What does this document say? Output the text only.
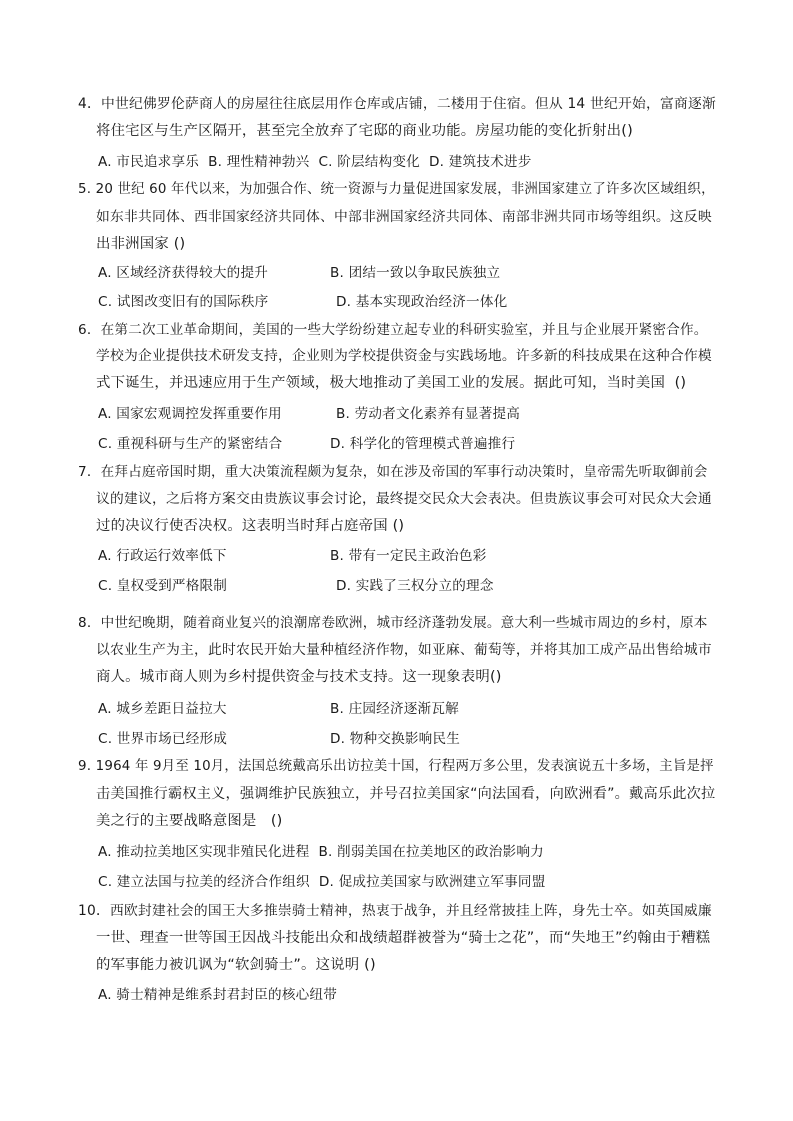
4．中世纪佛罗伦萨商人的房屋往往底层用作仓库或店铺，二楼用于住宿。但从 14 世纪开始，富商逐渐
将住宅区与生产区隔开，甚至完全放弃了宅邸的商业功能。房屋功能的变化折射出()
A. 市民追求享乐  B. 理性精神勃兴  C. 阶层结构变化  D. 建筑技术进步
5. 20 世纪 60 年代以来，为加强合作、统一资源与力量促进国家发展，非洲国家建立了许多次区域组织，
如东非共同体、西非国家经济共同体、中部非洲国家经济共同体、南部非洲共同市场等组织。这反映
出非洲国家 ()
A. 区域经济获得较大的提升	B. 团结一致以争取民族独立
C. 试图改变旧有的国际秩序	D. 基本实现政治经济一体化
6．在第二次工业革命期间，美国的一些大学纷纷建立起专业的科研实验室，并且与企业展开紧密合作。
学校为企业提供技术研发支持，企业则为学校提供资金与实践场地。许多新的科技成果在这种合作模
式下诞生，并迅速应用于生产领域，极大地推动了美国工业的发展。据此可知，当时美国  ()
A. 国家宏观调控发挥重要作用	B. 劳动者文化素养有显著提高
C. 重视科研与生产的紧密结合	D. 科学化的管理模式普遍推行
7．在拜占庭帝国时期，重大决策流程颇为复杂，如在涉及帝国的军事行动决策时，皇帝需先听取御前会
议的建议，之后将方案交由贵族议事会讨论，最终提交民众大会表决。但贵族议事会可对民众大会通
过的决议行使否决权。这表明当时拜占庭帝国 ()
A. 行政运行效率低下	B. 带有一定民主政治色彩
C. 皇权受到严格限制	D. 实践了三权分立的理念
8．中世纪晚期，随着商业复兴的浪潮席卷欧洲，城市经济蓬勃发展。意大利一些城市周边的乡村，原本
以农业生产为主，此时农民开始大量种植经济作物，如亚麻、葡萄等，并将其加工成产品出售给城市
商人。城市商人则为乡村提供资金与技术支持。这一现象表明()
A. 城乡差距日益拉大	B. 庄园经济逐渐瓦解
C. 世界市场已经形成	D. 物种交换影响民生
9. 1964 年 9月至 10月，法国总统戴高乐出访拉美十国，行程两万多公里，发表演说五十多场，主旨是抨
击美国推行霸权主义，强调维护民族独立，并号召拉美国家“向法国看，向欧洲看”。戴高乐此次拉
美之行的主要战略意图是   ()
A. 推动拉美地区实现非殖民化进程  B. 削弱美国在拉美地区的政治影响力
C. 建立法国与拉美的经济合作组织  D. 促成拉美国家与欧洲建立军事同盟
10．西欧封建社会的国王大多推崇骑士精神，热衷于战争，并且经常披挂上阵，身先士卒。如英国威廉
一世、理查一世等国王因战斗技能出众和战绩超群被誉为“骑士之花”，而“失地王”约翰由于糟糕
的军事能力被讥讽为“软剑骑士”。这说明 ()
A. 骑士精神是维系封君封臣的核心纽带
